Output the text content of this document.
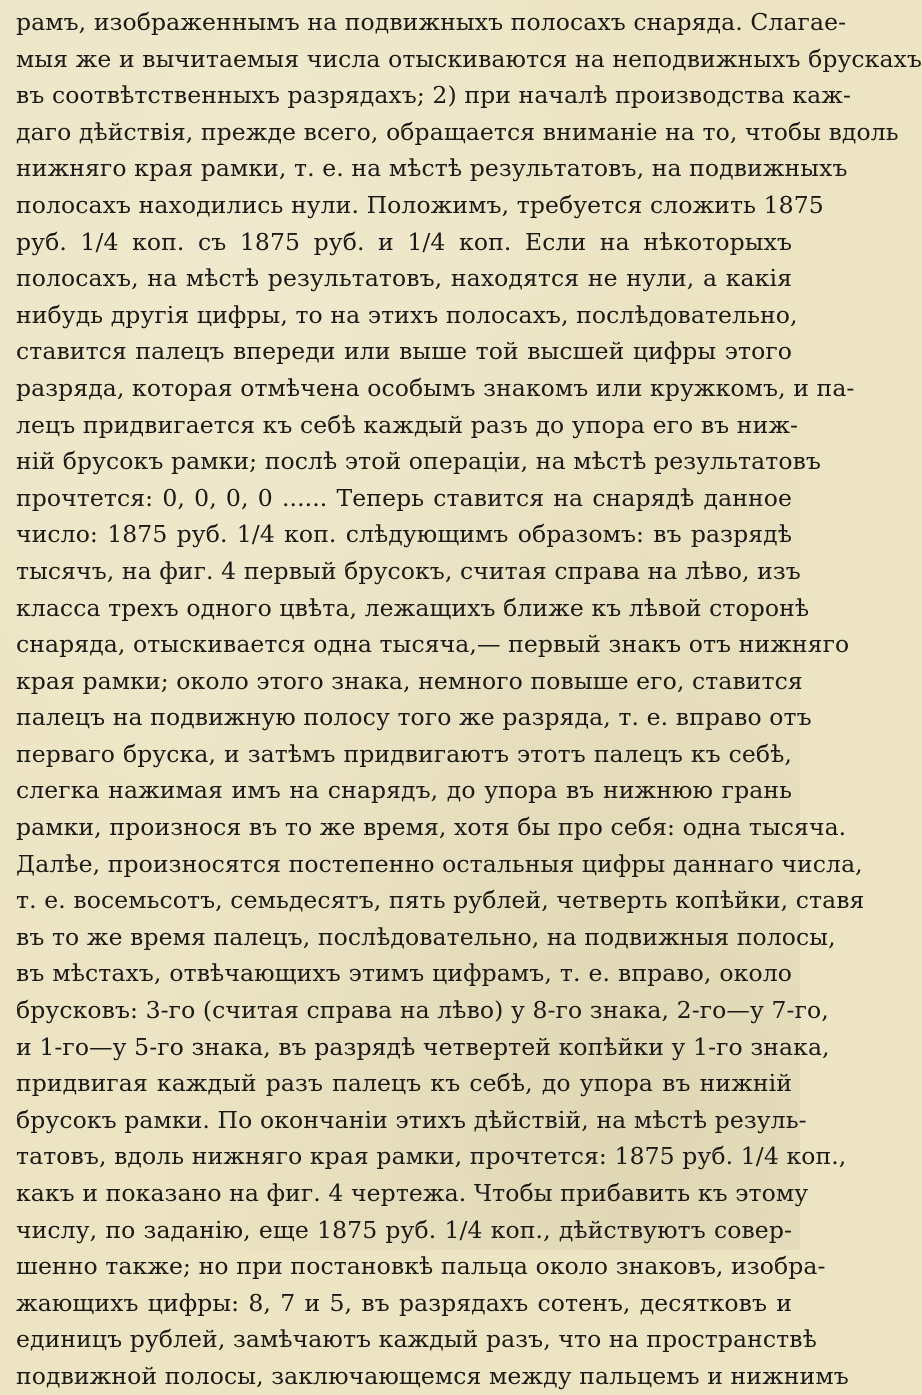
рамъ, изображеннымъ на подвижныхъ полосахъ снаряда. Слагае-
мыя же и вычитаемыя числа отыскиваются на неподвижныхъ брускахъ
въ соотвѣтственныхъ разрядахъ; 2) при началѣ производства каж-
даго дѣйствія, прежде всего, обращается вниманіе на то, чтобы вдоль
нижняго края рамки, т. е. на мѣстѣ результатовъ, на подвижныхъ
полосахъ находились нули. Положимъ, требуется сложить 1875
руб. 1/4 коп. съ 1875 руб. и 1/4 коп. Если на нѣкоторыхъ
полосахъ, на мѣстѣ результатовъ, находятся не нули, а какія
нибудь другія цифры, то на этихъ полосахъ, послѣдовательно,
ставится палецъ впереди или выше той высшей цифры этого
разряда, которая отмѣчена особымъ знакомъ или кружкомъ, и па-
лецъ придвигается къ себѣ каждый разъ до упора его въ ниж-
ній брусокъ рамки; послѣ этой операціи, на мѣстѣ результатовъ
прочтется: 0, 0, 0, 0 ...... Теперь ставится на снарядѣ данное
число: 1875 руб. 1/4 коп. слѣдующимъ образомъ: въ разрядѣ
тысячъ, на фиг. 4 первый брусокъ, считая справа на лѣво, изъ
класса трехъ одного цвѣта, лежащихъ ближе къ лѣвой сторонѣ
снаряда, отыскивается одна тысяча,— первый знакъ отъ нижняго
края рамки; около этого знака, немного повыше его, ставится
палецъ на подвижную полосу того же разряда, т. е. вправо отъ
перваго бруска, и затѣмъ придвигаютъ этотъ палецъ къ себѣ,
слегка нажимая имъ на снарядъ, до упора въ нижнюю грань
рамки, произнося въ то же время, хотя бы про себя: одна тысяча.
Далѣе, произносятся постепенно остальныя цифры даннаго числа,
т. е. восемьсотъ, семьдесятъ, пять рублей, четверть копѣйки, ставя
въ то же время палецъ, послѣдовательно, на подвижныя полосы,
въ мѣстахъ, отвѣчающихъ этимъ цифрамъ, т. е. вправо, около
брусковъ: 3-го (считая справа на лѣво) у 8-го знака, 2-го—у 7-го,
и 1-го—у 5-го знака, въ разрядѣ четвертей копѣйки у 1-го знака,
придвигая каждый разъ палецъ къ себѣ, до упора въ нижній
брусокъ рамки. По окончаніи этихъ дѣйствій, на мѣстѣ резуль-
татовъ, вдоль нижняго края рамки, прочтется: 1875 руб. 1/4 коп.,
какъ и показано на фиг. 4 чертежа. Чтобы прибавить къ этому
числу, по заданію, еще 1875 руб. 1/4 коп., дѣйствуютъ совер-
шенно также; но при постановкѣ пальца около знаковъ, изобра-
жающихъ цифры: 8, 7 и 5, въ разрядахъ сотенъ, десятковъ и
единицъ рублей, замѣчаютъ каждый разъ, что на пространствѣ
подвижной полосы, заключающемся между пальцемъ и нижнимъ
